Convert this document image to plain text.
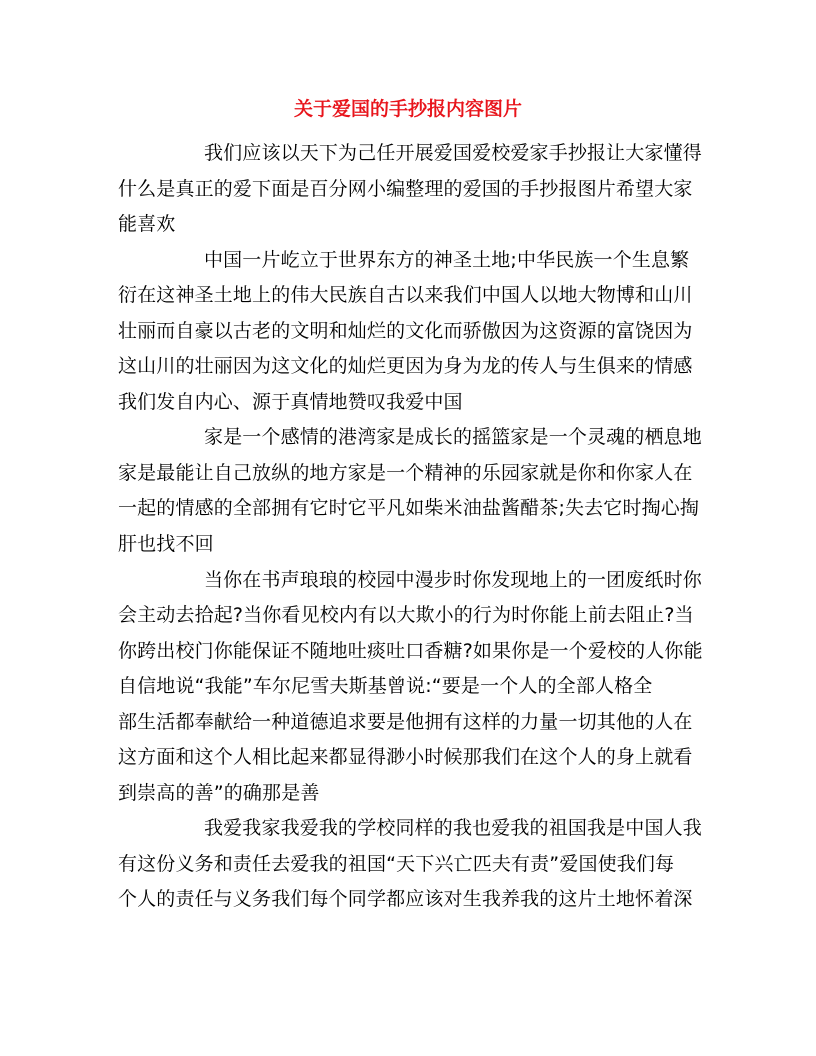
关于爱国的手抄报内容图片
我们应该以天下为己任开展爱国爱校爱家手抄报让大家懂得
什么是真正的爱下面是百分网小编整理的爱国的手抄报图片希望大家
能喜欢
中国一片屹立于世界东方的神圣土地;中华民族一个生息繁
衍在这神圣土地上的伟大民族自古以来我们中国人以地大物博和山川
壮丽而自豪以古老的文明和灿烂的文化而骄傲因为这资源的富饶因为
这山川的壮丽因为这文化的灿烂更因为身为龙的传人与生俱来的情感
我们发自内心、源于真情地赞叹我爱中国
家是一个感情的港湾家是成长的摇篮家是一个灵魂的栖息地
家是最能让自己放纵的地方家是一个精神的乐园家就是你和你家人在
一起的情感的全部拥有它时它平凡如柴米油盐酱醋茶;失去它时掏心掏
肝也找不回
当你在书声琅琅的校园中漫步时你发现地上的一团废纸时你
会主动去拾起?当你看见校内有以大欺小的行为时你能上前去阻止?当
你跨出校门你能保证不随地吐痰吐口香糖?如果你是一个爱校的人你能
自信地说“我能”车尔尼雪夫斯基曾说:“要是一个人的全部人格全
部生活都奉献给一种道德追求要是他拥有这样的力量一切其他的人在
这方面和这个人相比起来都显得渺小时候那我们在这个人的身上就看
到崇高的善”的确那是善
我爱我家我爱我的学校同样的我也爱我的祖国我是中国人我
有这份义务和责任去爱我的祖国“天下兴亡匹夫有责”爱国使我们每
个人的责任与义务我们每个同学都应该对生我养我的这片土地怀着深
